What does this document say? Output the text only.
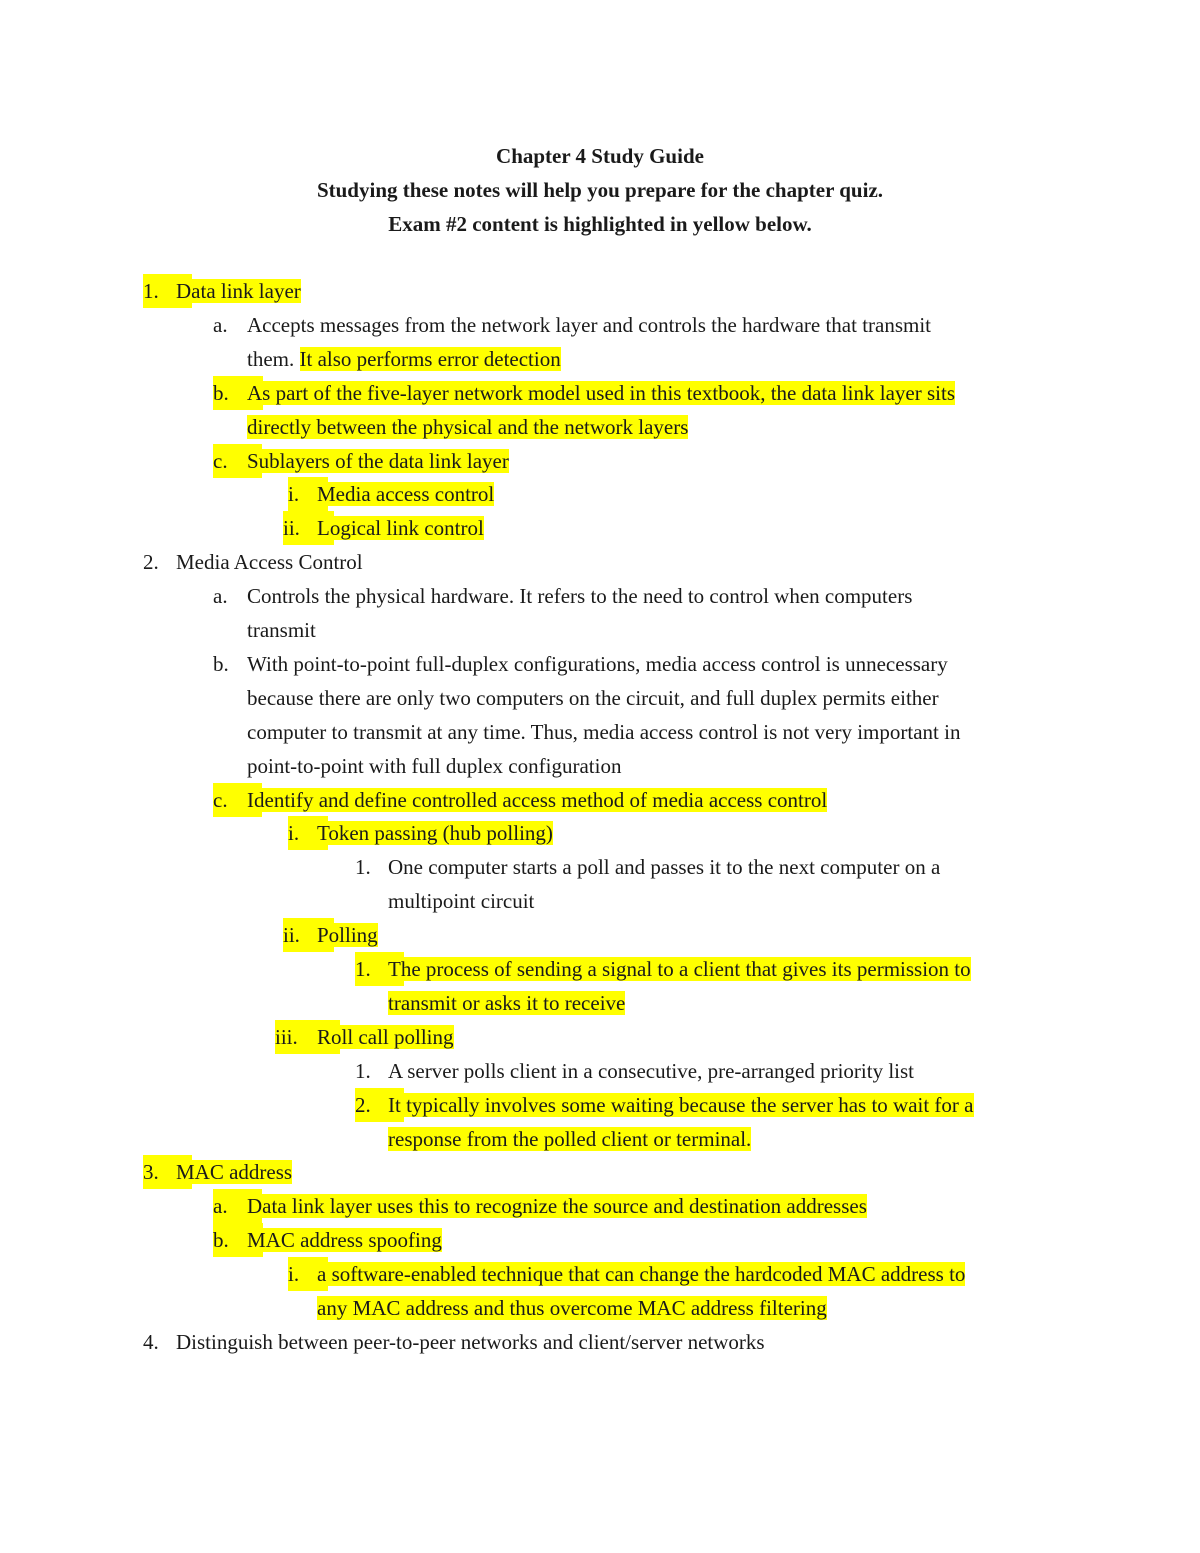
Chapter 4 Study Guide

Studying these notes will help you prepare for the chapter quiz.

Exam #2 content is highlighted in yellow below.

1. Data link layer
a. Accepts messages from the network layer and controls the hardware that transmit
them. It also performs error detection
b. As part of the five-layer network model used in this textbook, the data link layer sits
directly between the physical and the network layers
c. Sublayers of the data link layer
i. Media access control
ii. Logical link control
2. Media Access Control
a. Controls the physical hardware. It refers to the need to control when computers
transmit
b. With point-to-point full-duplex configurations, media access control is unnecessary
because there are only two computers on the circuit, and full duplex permits either
computer to transmit at any time. Thus, media access control is not very important in
point-to-point with full duplex configuration
c. Identify and define controlled access method of media access control
i. Token passing (hub polling)
1. One computer starts a poll and passes it to the next computer on a
multipoint circuit
ii. Polling
1. The process of sending a signal to a client that gives its permission to
transmit or asks it to receive
iii. Roll call polling
1. A server polls client in a consecutive, pre-arranged priority list
2. It typically involves some waiting because the server has to wait for a
response from the polled client or terminal.
3. MAC address
a. Data link layer uses this to recognize the source and destination addresses
b. MAC address spoofing
i. a software-enabled technique that can change the hardcoded MAC address to
any MAC address and thus overcome MAC address filtering
4. Distinguish between peer-to-peer networks and client/server networks
